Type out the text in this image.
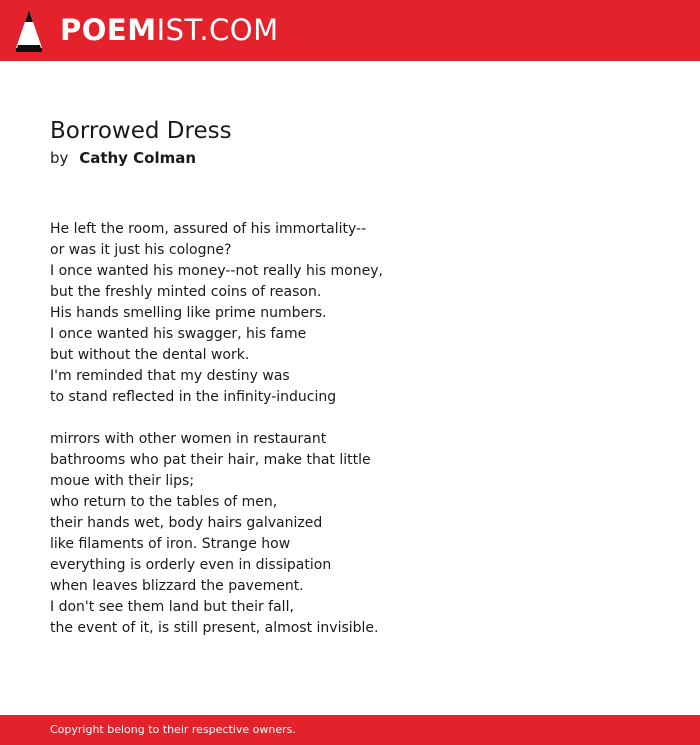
POEMIST.COM
Borrowed Dress
by Cathy Colman

He left the room, assured of his immortality--
or was it just his cologne?
I once wanted his money--not really his money,
but the freshly minted coins of reason.
His hands smelling like prime numbers.
I once wanted his swagger, his fame
but without the dental work.
I'm reminded that my destiny was
to stand reflected in the infinity-inducing

mirrors with other women in restaurant
bathrooms who pat their hair, make that little
moue with their lips;
who return to the tables of men,
their hands wet, body hairs galvanized
like filaments of iron. Strange how
everything is orderly even in dissipation
when leaves blizzard the pavement.
I don't see them land but their fall,
the event of it, is still present, almost invisible.

Copyright belong to their respective owners.
